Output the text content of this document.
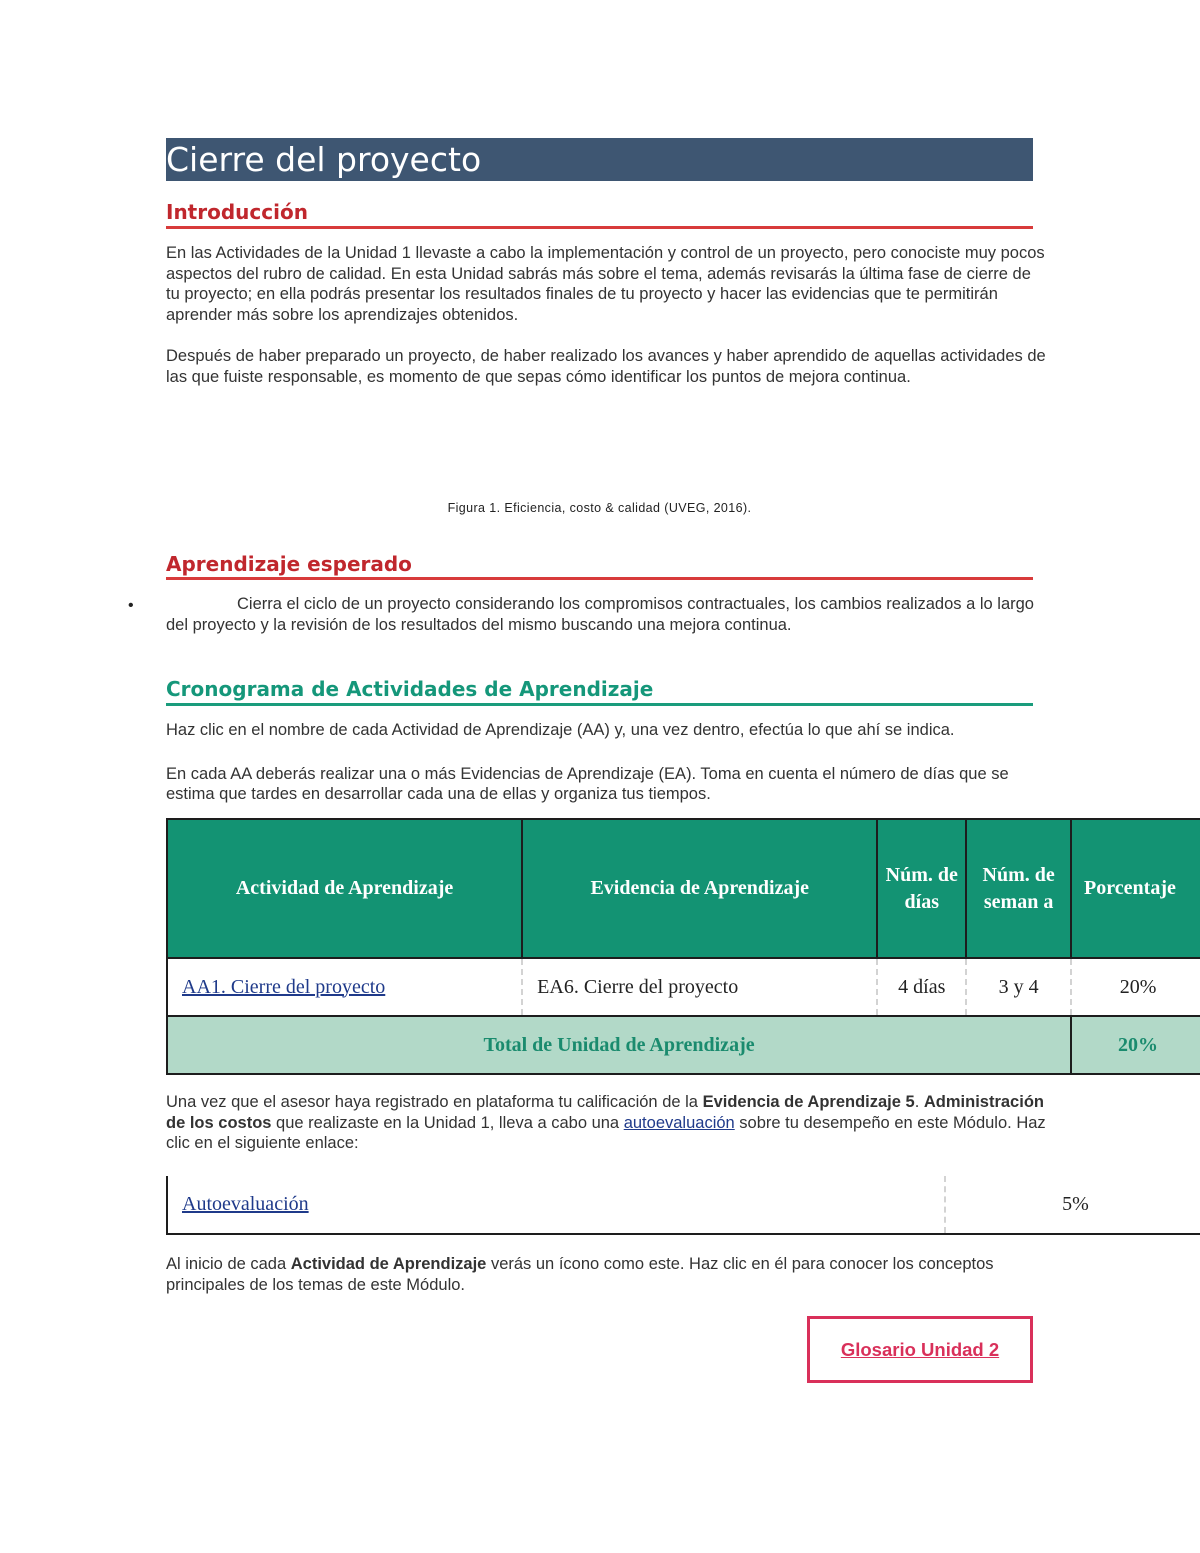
Cierre del proyecto
Introducción

En las Actividades de la Unidad 1 llevaste a cabo la implementación y control de un proyecto, pero conociste muy pocos aspectos del rubro de calidad. En esta Unidad sabrás más sobre el tema, además revisarás la última fase de cierre de tu proyecto; en ella podrás presentar los resultados finales de tu proyecto y hacer las evidencias que te permitirán aprender más sobre los aprendizajes obtenidos.

Después de haber preparado un proyecto, de haber realizado los avances y haber aprendido de aquellas actividades de las que fuiste responsable, es momento de que sepas cómo identificar los puntos de mejora continua.

Figura 1. Eficiencia, costo & calidad (UVEG, 2016).
Aprendizaje esperado
•	Cierra el ciclo de un proyecto considerando los compromisos contractuales, los cambios realizados a lo largo del proyecto y la revisión de los resultados del mismo buscando una mejora continua.
Cronograma de Actividades de Aprendizaje

Haz clic en el nombre de cada Actividad de Aprendizaje (AA) y, una vez dentro, efectúa lo que ahí se indica.

En cada AA deberás realizar una o más Evidencias de Aprendizaje (EA). Toma en cuenta el número de días que se estima que tardes en desarrollar cada una de ellas y organiza tus tiempos.

Actividad de Aprendizaje	Evidencia de Aprendizaje	Núm. de días	Núm. de seman a	Porcentaje
AA1. Cierre del proyecto	EA6. Cierre del proyecto	4 días	3 y 4	20%
Total de Unidad de Aprendizaje				20%
Una vez que el asesor haya registrado en plataforma tu calificación de la Evidencia de Aprendizaje 5. Administración de los costos que realizaste en la Unidad 1, lleva a cabo una autoevaluación sobre tu desempeño en este Módulo. Haz clic en el siguiente enlace:
Autoevaluación	5%
Al inicio de cada Actividad de Aprendizaje verás un ícono como este. Haz clic en él para conocer los conceptos principales de los temas de este Módulo.
Glosario Unidad 2
